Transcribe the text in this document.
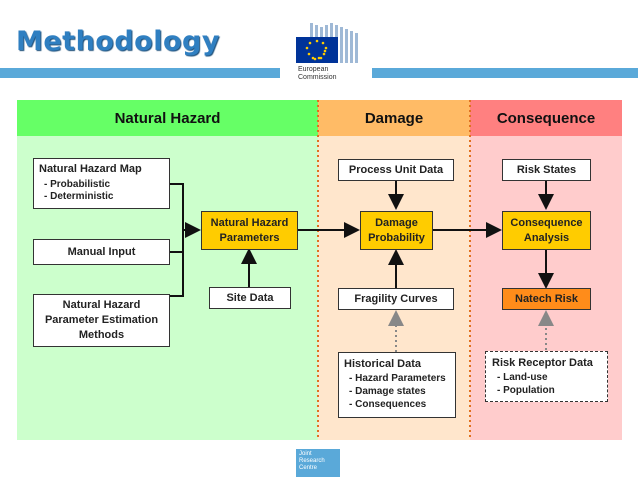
Methodology
European
Commission
Natural Hazard	Damage	Consequence
Natural Hazard Map
- Probabilistic
- Deterministic
Manual Input
Natural Hazard
Parameter Estimation
Methods
Natural Hazard
Parameters
Site Data
Process Unit Data
Damage
Probability
Fragility Curves
Historical Data
- Hazard Parameters
- Damage states
- Consequences
Risk States
Consequence
Analysis
Natech Risk
Risk Receptor Data
- Land-use
- Population
Joint
Research
Centre
